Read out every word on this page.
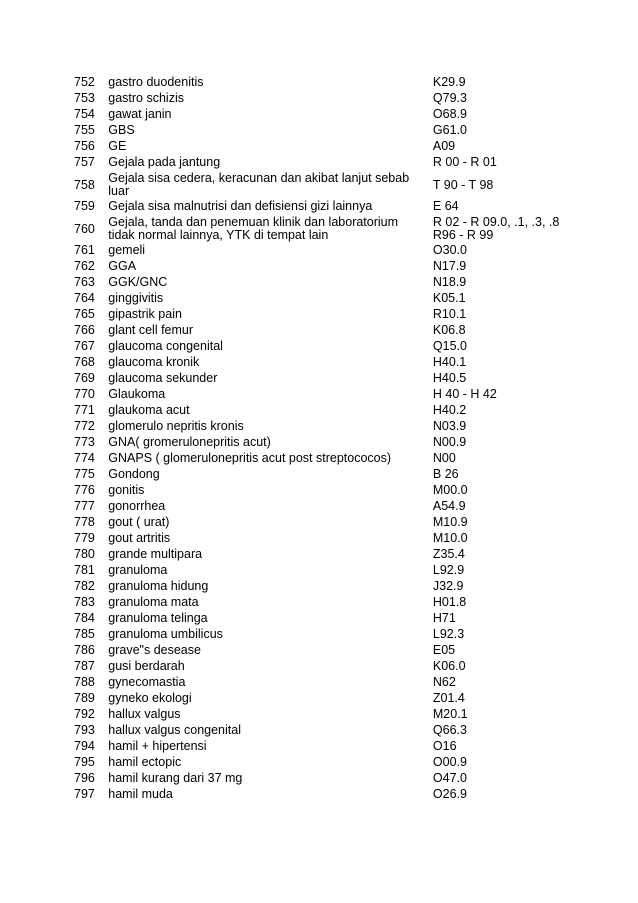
752	gastro duodenitis	K29.9

753	gastro schizis	Q79.3

754	gawat janin	O68.9

755	GBS	G61.0

756	GE	A09

757	Gejala pada jantung	R 00 - R 01

758	Gejala sisa cedera, keracunan dan akibat lanjut sebab
luar	T 90 - T 98

759	Gejala sisa malnutrisi dan defisiensi gizi lainnya	E 64

760	Gejala, tanda dan penemuan klinik dan laboratorium
tidak normal lainnya, YTK di tempat lain	R 02 - R 09.0, .1, .3, .8
R96 - R 99

761	gemeli	O30.0

762	GGA	N17.9

763	GGK/GNC	N18.9

764	ginggivitis	K05.1

765	gipastrik pain	R10.1

766	glant cell femur	K06.8

767	glaucoma congenital	Q15.0

768	glaucoma kronik	H40.1

769	glaucoma sekunder	H40.5

770	Glaukoma	H 40 - H 42

771	glaukoma acut	H40.2

772	glomerulo nepritis kronis	N03.9

773	GNA( gromerulonepritis acut)	N00.9

774	GNAPS ( glomerulonepritis acut post streptococos)	N00

775	Gondong	B 26

776	gonitis	M00.0

777	gonorrhea	A54.9

778	gout ( urat)	M10.9

779	gout artritis	M10.0

780	grande multipara	Z35.4

781	granuloma	L92.9

782	granuloma hidung	J32.9

783	granuloma mata	H01.8

784	granuloma telinga	H71

785	granuloma umbilicus	L92.3

786	grave"s desease	E05

787	gusi berdarah	K06.0

788	gynecomastia	N62

789	gyneko ekologi	Z01.4

792	hallux valgus	M20.1

793	hallux valgus congenital	Q66.3

794	hamil + hipertensi	O16

795	hamil ectopic	O00.9

796	hamil kurang dari 37 mg	O47.0

797	hamil muda	O26.9
